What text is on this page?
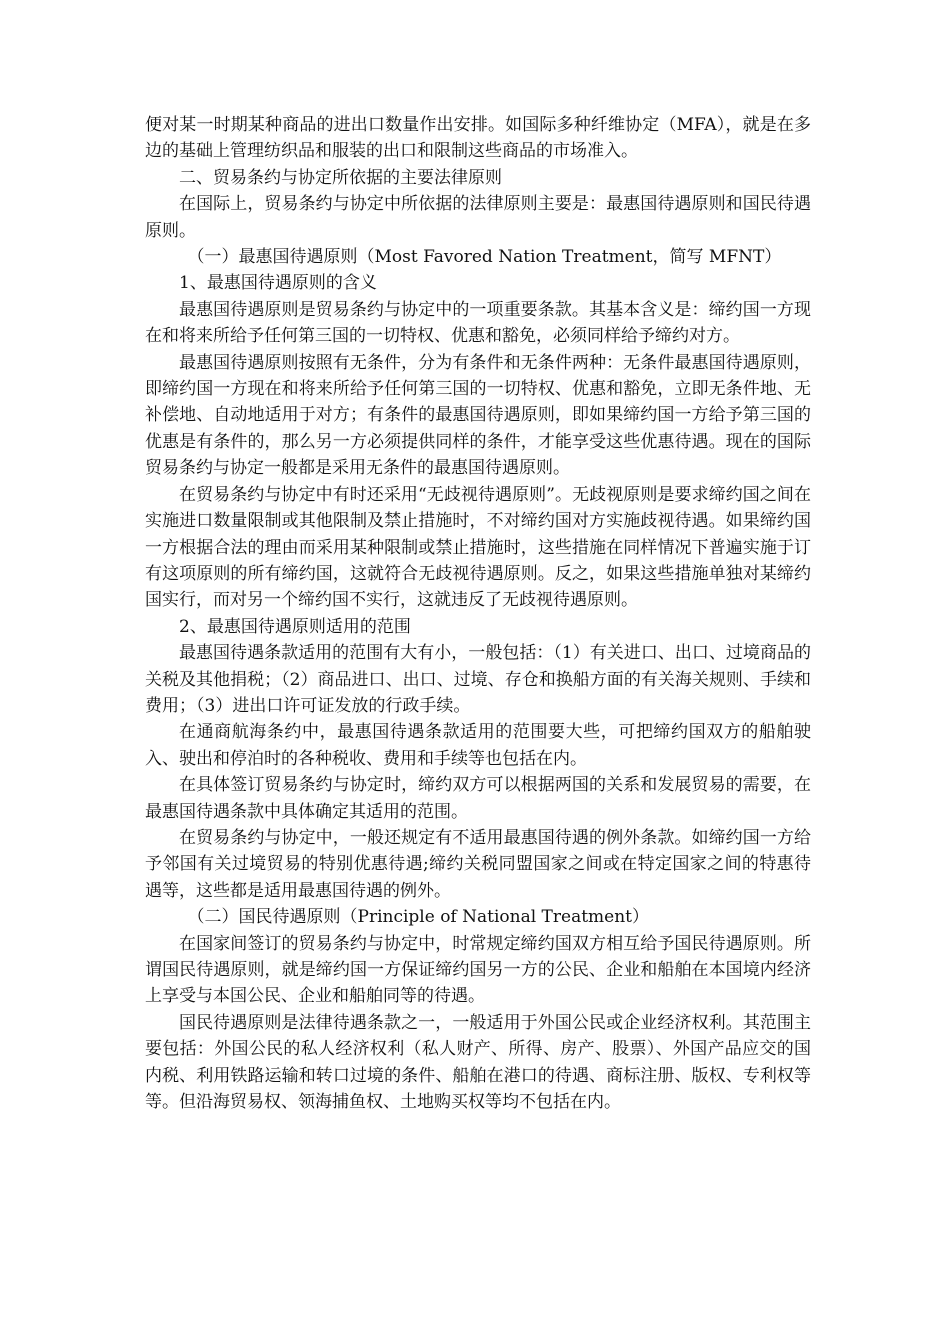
便对某一时期某种商品的进出口数量作出安排。如国际多种纤维协定（MFA），就是在多边的基础上管理纺织品和服装的出口和限制这些商品的市场准入。

二、贸易条约与协定所依据的主要法律原则

在国际上，贸易条约与协定中所依据的法律原则主要是：最惠国待遇原则和国民待遇原则。

（一）最惠国待遇原则（Most Favored Nation Treatment，简写 MFNT）

1、最惠国待遇原则的含义

最惠国待遇原则是贸易条约与协定中的一项重要条款。其基本含义是：缔约国一方现在和将来所给予任何第三国的一切特权、优惠和豁免，必须同样给予缔约对方。

最惠国待遇原则按照有无条件，分为有条件和无条件两种：无条件最惠国待遇原则，即缔约国一方现在和将来所给予任何第三国的一切特权、优惠和豁免，立即无条件地、无补偿地、自动地适用于对方；有条件的最惠国待遇原则，即如果缔约国一方给予第三国的优惠是有条件的，那么另一方必须提供同样的条件，才能享受这些优惠待遇。现在的国际贸易条约与协定一般都是采用无条件的最惠国待遇原则。

在贸易条约与协定中有时还采用“无歧视待遇原则”。无歧视原则是要求缔约国之间在实施进口数量限制或其他限制及禁止措施时，不对缔约国对方实施歧视待遇。如果缔约国一方根据合法的理由而采用某种限制或禁止措施时，这些措施在同样情况下普遍实施于订有这项原则的所有缔约国，这就符合无歧视待遇原则。反之，如果这些措施单独对某缔约国实行，而对另一个缔约国不实行，这就违反了无歧视待遇原则。

2、最惠国待遇原则适用的范围

最惠国待遇条款适用的范围有大有小，一般包括：（1）有关进口、出口、过境商品的关税及其他捐税；（2）商品进口、出口、过境、存仓和换船方面的有关海关规则、手续和费用；（3）进出口许可证发放的行政手续。

在通商航海条约中，最惠国待遇条款适用的范围要大些，可把缔约国双方的船舶驶入、驶出和停泊时的各种税收、费用和手续等也包括在内。

在具体签订贸易条约与协定时，缔约双方可以根据两国的关系和发展贸易的需要，在最惠国待遇条款中具体确定其适用的范围。

在贸易条约与协定中，一般还规定有不适用最惠国待遇的例外条款。如缔约国一方给予邻国有关过境贸易的特别优惠待遇;缔约关税同盟国家之间或在特定国家之间的特惠待遇等，这些都是适用最惠国待遇的例外。

（二）国民待遇原则（Principle of National Treatment）

在国家间签订的贸易条约与协定中，时常规定缔约国双方相互给予国民待遇原则。所谓国民待遇原则，就是缔约国一方保证缔约国另一方的公民、企业和船舶在本国境内经济上享受与本国公民、企业和船舶同等的待遇。

国民待遇原则是法律待遇条款之一，一般适用于外国公民或企业经济权利。其范围主要包括：外国公民的私人经济权利（私人财产、所得、房产、股票）、外国产品应交的国内税、利用铁路运输和转口过境的条件、船舶在港口的待遇、商标注册、版权、专利权等等。但沿海贸易权、领海捕鱼权、土地购买权等均不包括在内。
